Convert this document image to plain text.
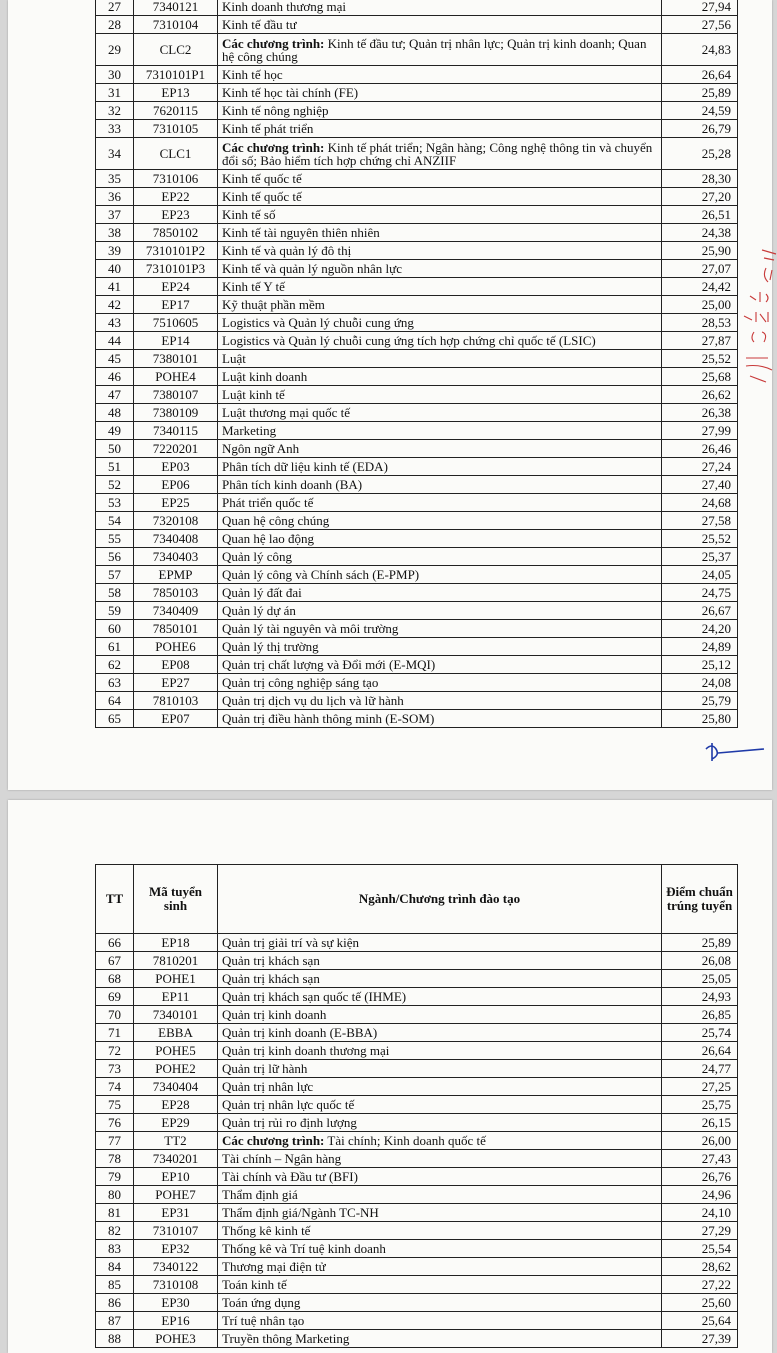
27	7340121	Kinh doanh thương mại	27,94
28	7310104	Kinh tế đầu tư	27,56
29	CLC2	Các chương trình: Kinh tế đầu tư; Quản trị nhân lực; Quản trị kinh doanh; Quan hệ công chúng	24,83
30	7310101P1	Kinh tế học	26,64
31	EP13	Kinh tế học tài chính (FE)	25,89
32	7620115	Kinh tế nông nghiệp	24,59
33	7310105	Kinh tế phát triển	26,79
34	CLC1	Các chương trình: Kinh tế phát triển; Ngân hàng; Công nghệ thông tin và chuyển đổi số; Bảo hiểm tích hợp chứng chỉ ANZIIF	25,28
35	7310106	Kinh tế quốc tế	28,30
36	EP22	Kinh tế quốc tế	27,20
37	EP23	Kinh tế số	26,51
38	7850102	Kinh tế tài nguyên thiên nhiên	24,38
39	7310101P2	Kinh tế và quản lý đô thị	25,90
40	7310101P3	Kinh tế và quản lý nguồn nhân lực	27,07
41	EP24	Kinh tế Y tế	24,42
42	EP17	Kỹ thuật phần mềm	25,00
43	7510605	Logistics và Quản lý chuỗi cung ứng	28,53
44	EP14	Logistics và Quản lý chuỗi cung ứng tích hợp chứng chỉ quốc tế (LSIC)	27,87
45	7380101	Luật	25,52
46	POHE4	Luật kinh doanh	25,68
47	7380107	Luật kinh tế	26,62
48	7380109	Luật thương mại quốc tế	26,38
49	7340115	Marketing	27,99
50	7220201	Ngôn ngữ Anh	26,46
51	EP03	Phân tích dữ liệu kinh tế (EDA)	27,24
52	EP06	Phân tích kinh doanh (BA)	27,40
53	EP25	Phát triển quốc tế	24,68
54	7320108	Quan hệ công chúng	27,58
55	7340408	Quan hệ lao động	25,52
56	7340403	Quản lý công	25,37
57	EPMP	Quản lý công và Chính sách (E-PMP)	24,05
58	7850103	Quản lý đất đai	24,75
59	7340409	Quản lý dự án	26,67
60	7850101	Quản lý tài nguyên và môi trường	24,20
61	POHE6	Quản lý thị trường	24,89
62	EP08	Quản trị chất lượng và Đổi mới (E-MQI)	25,12
63	EP27	Quản trị công nghiệp sáng tạo	24,08
64	7810103	Quản trị dịch vụ du lịch và lữ hành	25,79
65	EP07	Quản trị điều hành thông minh (E-SOM)	25,80
TT	Mã tuyển sinh	Ngành/Chương trình đào tạo	Điểm chuẩn trúng tuyển
66	EP18	Quản trị giải trí và sự kiện	25,89
67	7810201	Quản trị khách sạn	26,08
68	POHE1	Quản trị khách sạn	25,05
69	EP11	Quản trị khách sạn quốc tế (IHME)	24,93
70	7340101	Quản trị kinh doanh	26,85
71	EBBA	Quản trị kinh doanh (E-BBA)	25,74
72	POHE5	Quản trị kinh doanh thương mại	26,64
73	POHE2	Quản trị lữ hành	24,77
74	7340404	Quản trị nhân lực	27,25
75	EP28	Quản trị nhân lực quốc tế	25,75
76	EP29	Quản trị rủi ro định lượng	26,15
77	TT2	Các chương trình: Tài chính; Kinh doanh quốc tế	26,00
78	7340201	Tài chính – Ngân hàng	27,43
79	EP10	Tài chính và Đầu tư (BFI)	26,76
80	POHE7	Thẩm định giá	24,96
81	EP31	Thẩm định giá/Ngành TC-NH	24,10
82	7310107	Thống kê kinh tế	27,29
83	EP32	Thống kê và Trí tuệ kinh doanh	25,54
84	7340122	Thương mại điện tử	28,62
85	7310108	Toán kinh tế	27,22
86	EP30	Toán ứng dụng	25,60
87	EP16	Trí tuệ nhân tạo	25,64
88	POHE3	Truyền thông Marketing	27,39
